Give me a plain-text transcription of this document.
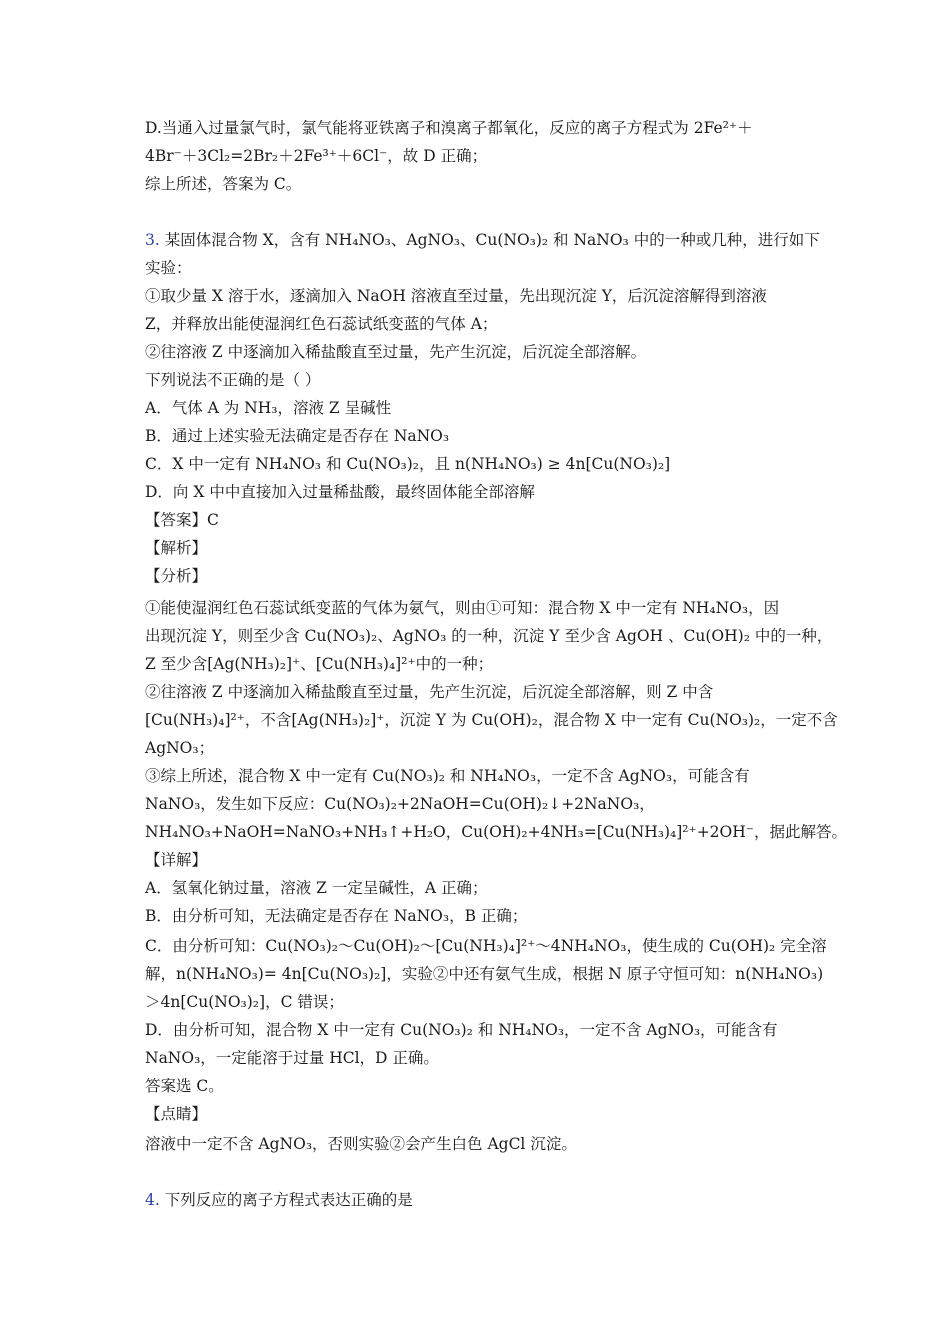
D.当通入过量氯气时，氯气能将亚铁离子和溴离子都氧化，反应的离子方程式为 2Fe²⁺＋
4Br⁻＋3Cl₂=2Br₂＋2Fe³⁺＋6Cl⁻，故 D 正确；
综上所述，答案为 C。
3. 某固体混合物 X，含有 NH₄NO₃、AgNO₃、Cu(NO₃)₂ 和 NaNO₃ 中的一种或几种，进行如下
实验：
①取少量 X 溶于水，逐滴加入 NaOH 溶液直至过量，先出现沉淀 Y，后沉淀溶解得到溶液
Z，并释放出能使湿润红色石蕊试纸变蓝的气体 A；
②往溶液 Z 中逐滴加入稀盐酸直至过量，先产生沉淀，后沉淀全部溶解。
下列说法不正确的是（ ）
A．气体 A 为 NH₃，溶液 Z 呈碱性
B．通过上述实验无法确定是否存在 NaNO₃
C．X 中一定有 NH₄NO₃ 和 Cu(NO₃)₂，且 n(NH₄NO₃) ≥ 4n[Cu(NO₃)₂]
D．向 X 中中直接加入过量稀盐酸，最终固体能全部溶解
【答案】C
【解析】
【分析】
①能使湿润红色石蕊试纸变蓝的气体为氨气，则由①可知：混合物 X 中一定有 NH₄NO₃，因
出现沉淀 Y，则至少含 Cu(NO₃)₂、AgNO₃ 的一种，沉淀 Y 至少含 AgOH 、Cu(OH)₂ 中的一种，
Z 至少含[Ag(NH₃)₂]⁺、[Cu(NH₃)₄]²⁺中的一种；
②往溶液 Z 中逐滴加入稀盐酸直至过量，先产生沉淀，后沉淀全部溶解，则 Z 中含
[Cu(NH₃)₄]²⁺，不含[Ag(NH₃)₂]⁺，沉淀 Y 为 Cu(OH)₂，混合物 X 中一定有 Cu(NO₃)₂，一定不含
AgNO₃；
③综上所述，混合物 X 中一定有 Cu(NO₃)₂ 和 NH₄NO₃，一定不含 AgNO₃，可能含有
NaNO₃，发生如下反应：Cu(NO₃)₂+2NaOH=Cu(OH)₂↓+2NaNO₃，
NH₄NO₃+NaOH=NaNO₃+NH₃↑+H₂O，Cu(OH)₂+4NH₃=[Cu(NH₃)₄]²⁺+2OH⁻，据此解答。
【详解】
A．氢氧化钠过量，溶液 Z 一定呈碱性，A 正确；
B．由分析可知，无法确定是否存在 NaNO₃，B 正确；
C．由分析可知：Cu(NO₃)₂～Cu(OH)₂～[Cu(NH₃)₄]²⁺～4NH₄NO₃，使生成的 Cu(OH)₂ 完全溶
解，n(NH₄NO₃)= 4n[Cu(NO₃)₂]，实验②中还有氨气生成，根据 N 原子守恒可知：n(NH₄NO₃)
＞4n[Cu(NO₃)₂]，C 错误；
D．由分析可知，混合物 X 中一定有 Cu(NO₃)₂ 和 NH₄NO₃，一定不含 AgNO₃，可能含有
NaNO₃，一定能溶于过量 HCl，D 正确。
答案选 C。
【点睛】
溶液中一定不含 AgNO₃，否则实验②会产生白色 AgCl 沉淀。
4. 下列反应的离子方程式表达正确的是
